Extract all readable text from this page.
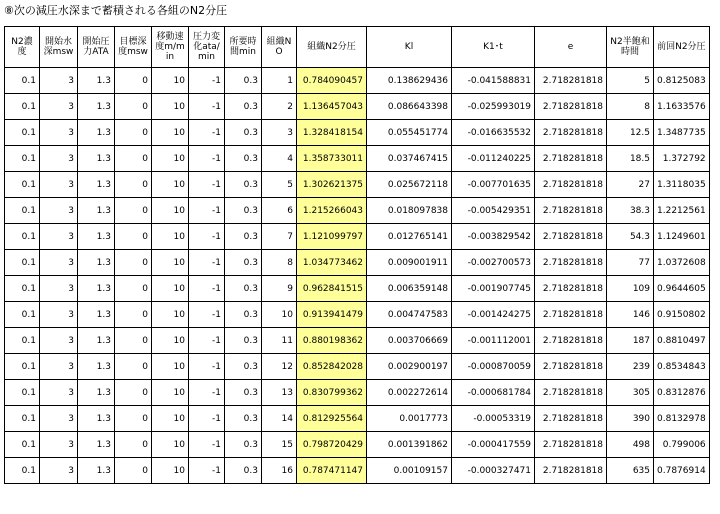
⑧次の減圧水深まで蓄積される各組のN2分圧
N2濃度	開始水深msw	開始圧力ATA	目標深度msw	移動速度m/min	圧力変化ata/min	所要時間min	組織NO	組織N2分圧	Kl	K1･t	e	N2半飽和時間	前回N2分圧
0.1	3	1.3	0	10	-1	0.3	1	0.784090457	0.138629436	-0.041588831	2.718281818	5	0.8125083
0.1	3	1.3	0	10	-1	0.3	2	1.136457043	0.086643398	-0.025993019	2.718281818	8	1.1633576
0.1	3	1.3	0	10	-1	0.3	3	1.328418154	0.055451774	-0.016635532	2.718281818	12.5	1.3487735
0.1	3	1.3	0	10	-1	0.3	4	1.358733011	0.037467415	-0.011240225	2.718281818	18.5	1.372792
0.1	3	1.3	0	10	-1	0.3	5	1.302621375	0.025672118	-0.007701635	2.718281818	27	1.3118035
0.1	3	1.3	0	10	-1	0.3	6	1.215266043	0.018097838	-0.005429351	2.718281818	38.3	1.2212561
0.1	3	1.3	0	10	-1	0.3	7	1.121099797	0.012765141	-0.003829542	2.718281818	54.3	1.1249601
0.1	3	1.3	0	10	-1	0.3	8	1.034773462	0.009001911	-0.002700573	2.718281818	77	1.0372608
0.1	3	1.3	0	10	-1	0.3	9	0.962841515	0.006359148	-0.001907745	2.718281818	109	0.9644605
0.1	3	1.3	0	10	-1	0.3	10	0.913941479	0.004747583	-0.001424275	2.718281818	146	0.9150802
0.1	3	1.3	0	10	-1	0.3	11	0.880198362	0.003706669	-0.001112001	2.718281818	187	0.8810497
0.1	3	1.3	0	10	-1	0.3	12	0.852842028	0.002900197	-0.000870059	2.718281818	239	0.8534843
0.1	3	1.3	0	10	-1	0.3	13	0.830799362	0.002272614	-0.000681784	2.718281818	305	0.8312876
0.1	3	1.3	0	10	-1	0.3	14	0.812925564	0.0017773	-0.00053319	2.718281818	390	0.8132978
0.1	3	1.3	0	10	-1	0.3	15	0.798720429	0.001391862	-0.000417559	2.718281818	498	0.799006
0.1	3	1.3	0	10	-1	0.3	16	0.787471147	0.00109157	-0.000327471	2.718281818	635	0.7876914
